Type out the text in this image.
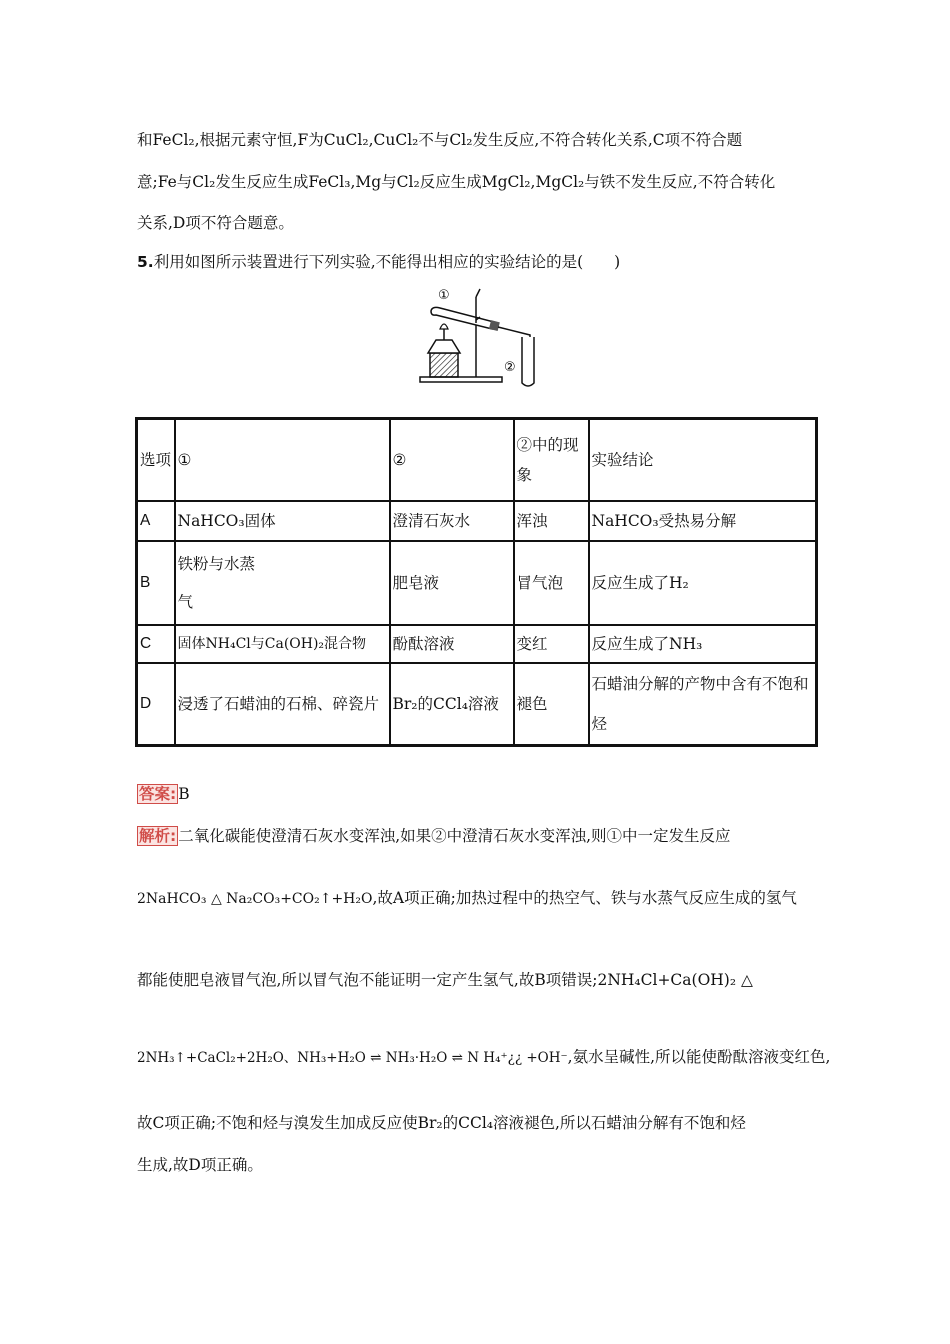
和FeCl₂,根据元素守恒,F为CuCl₂,CuCl₂不与Cl₂发生反应,不符合转化关系,C项不符合题
意;Fe与Cl₂发生反应生成FeCl₃,Mg与Cl₂反应生成MgCl₂,MgCl₂与铁不发生反应,不符合转化
关系,D项不符合题意。
5.利用如图所示装置进行下列实验,不能得出相应的实验结论的是(　　)
①
②
选项	①	②	②中的现象	实验结论
A	NaHCO₃固体	澄清石灰水	浑浊	NaHCO₃受热易分解
B	铁粉与水蒸气	肥皂液	冒气泡	反应生成了H₂
C	固体NH₄Cl与Ca(OH)₂混合物	酚酞溶液	变红	反应生成了NH₃
D	浸透了石蜡油的石棉、碎瓷片	Br₂的CCl₄溶液	褪色	石蜡油分解的产物中含有不饱和烃
答案: B
解析: 二氧化碳能使澄清石灰水变浑浊,如果②中澄清石灰水变浑浊,则①中一定发生反应
2NaHCO₃ △ Na₂CO₃+CO₂↑+H₂O,故A项正确;加热过程中的热空气、铁与水蒸气反应生成的氢气
都能使肥皂液冒气泡,所以冒气泡不能证明一定产生氢气,故B项错误;2NH₄Cl+Ca(OH)₂ △
2NH₃↑+CaCl₂+2H₂O、NH₃+H₂O ⇌ NH₃·H₂O ⇌ N H₄⁺¿¿ +OH⁻,氨水呈碱性,所以能使酚酞溶液变红色,
故C项正确;不饱和烃与溴发生加成反应使Br₂的CCl₄溶液褪色,所以石蜡油分解有不饱和烃
生成,故D项正确。
